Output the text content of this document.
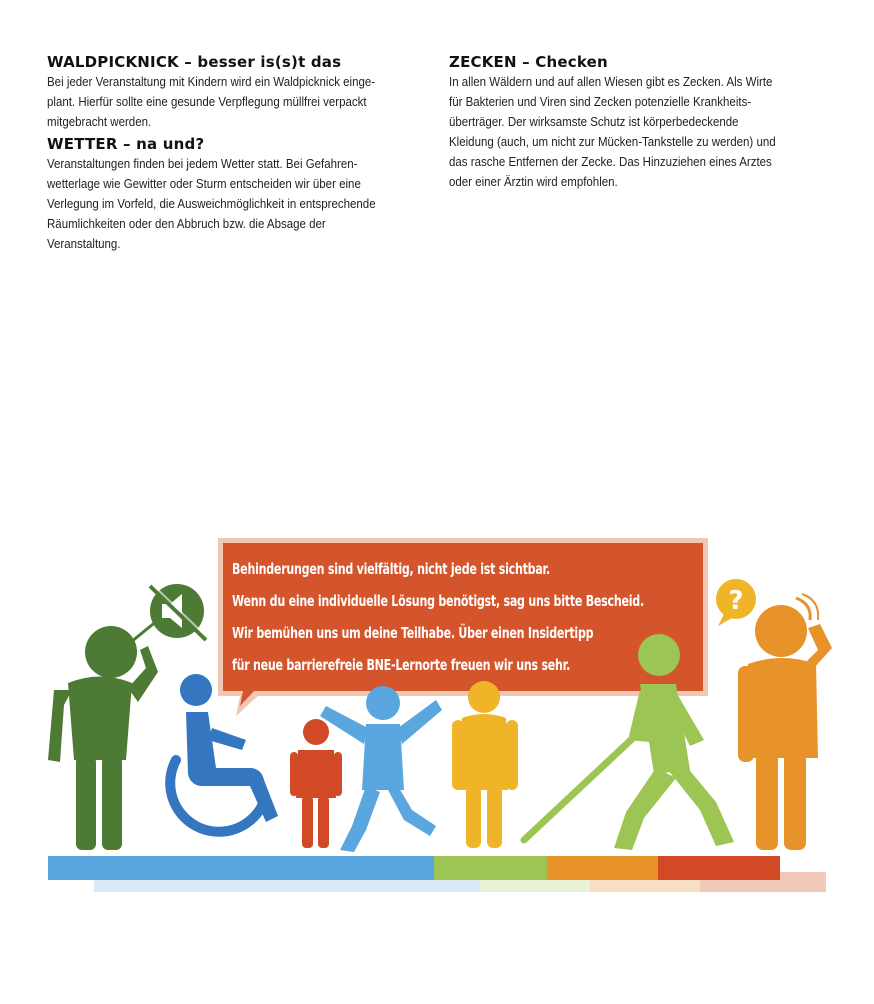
WALDPICKNICK – besser is(s)t das

Bei jeder Veranstaltung mit Kindern wird ein Waldpicknick einge-
plant. Hierfür sollte eine gesunde Verpflegung müllfrei verpackt
mitgebracht werden.

WETTER – na und?

Veranstaltungen finden bei jedem Wetter statt. Bei Gefahren-
wetterlage wie Gewitter oder Sturm entscheiden wir über eine
Verlegung im Vorfeld, die Ausweichmöglichkeit in entsprechende
Räumlichkeiten oder den Abbruch bzw. die Absage der
Veranstaltung.

ZECKEN – Checken

In allen Wäldern und auf allen Wiesen gibt es Zecken. Als Wirte
für Bakterien und Viren sind Zecken potenzielle Krankheits-
überträger. Der wirksamste Schutz ist körperbedeckende
Kleidung (auch, um nicht zur Mücken-Tankstelle zu werden) und
das rasche Entfernen der Zecke. Das Hinzuziehen eines Arztes
oder einer Ärztin wird empfohlen.

?
Behinderungen sind vielfältig, nicht jede ist sichtbar.
Wenn du eine individuelle Lösung benötigst, sag uns bitte Bescheid.
Wir bemühen uns um deine Teilhabe. Über einen Insidertipp
für neue barrierefreie BNE-Lernorte freuen wir uns sehr.
